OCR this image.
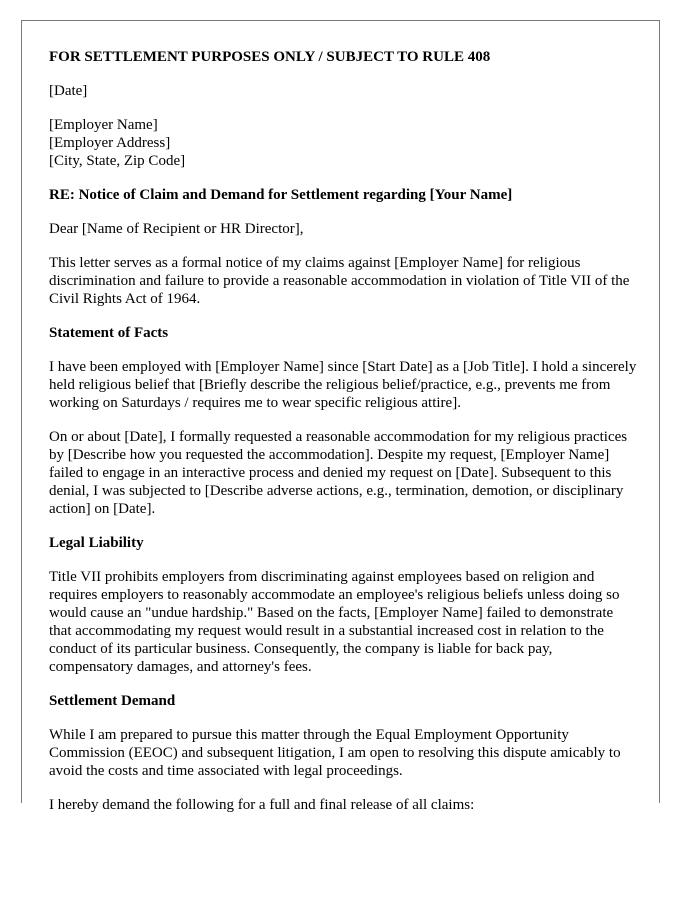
FOR SETTLEMENT PURPOSES ONLY / SUBJECT TO RULE 408

[Date]

[Employer Name]
[Employer Address]
[City, State, Zip Code]

RE: Notice of Claim and Demand for Settlement regarding [Your Name]

Dear [Name of Recipient or HR Director],

This letter serves as a formal notice of my claims against [Employer Name] for religious discrimination and failure to provide a reasonable accommodation in violation of Title VII of the Civil Rights Act of 1964.

Statement of Facts

I have been employed with [Employer Name] since [Start Date] as a [Job Title]. I hold a sincerely held religious belief that [Briefly describe the religious belief/practice, e.g., prevents me from working on Saturdays / requires me to wear specific religious attire].

On or about [Date], I formally requested a reasonable accommodation for my religious practices by [Describe how you requested the accommodation]. Despite my request, [Employer Name] failed to engage in an interactive process and denied my request on [Date]. Subsequent to this denial, I was subjected to [Describe adverse actions, e.g., termination, demotion, or disciplinary action] on [Date].

Legal Liability

Title VII prohibits employers from discriminating against employees based on religion and requires employers to reasonably accommodate an employee's religious beliefs unless doing so would cause an "undue hardship." Based on the facts, [Employer Name] failed to demonstrate that accommodating my request would result in a substantial increased cost in relation to the conduct of its particular business. Consequently, the company is liable for back pay, compensatory damages, and attorney's fees.

Settlement Demand

While I am prepared to pursue this matter through the Equal Employment Opportunity Commission (EEOC) and subsequent litigation, I am open to resolving this dispute amicably to avoid the costs and time associated with legal proceedings.

I hereby demand the following for a full and final release of all claims:
